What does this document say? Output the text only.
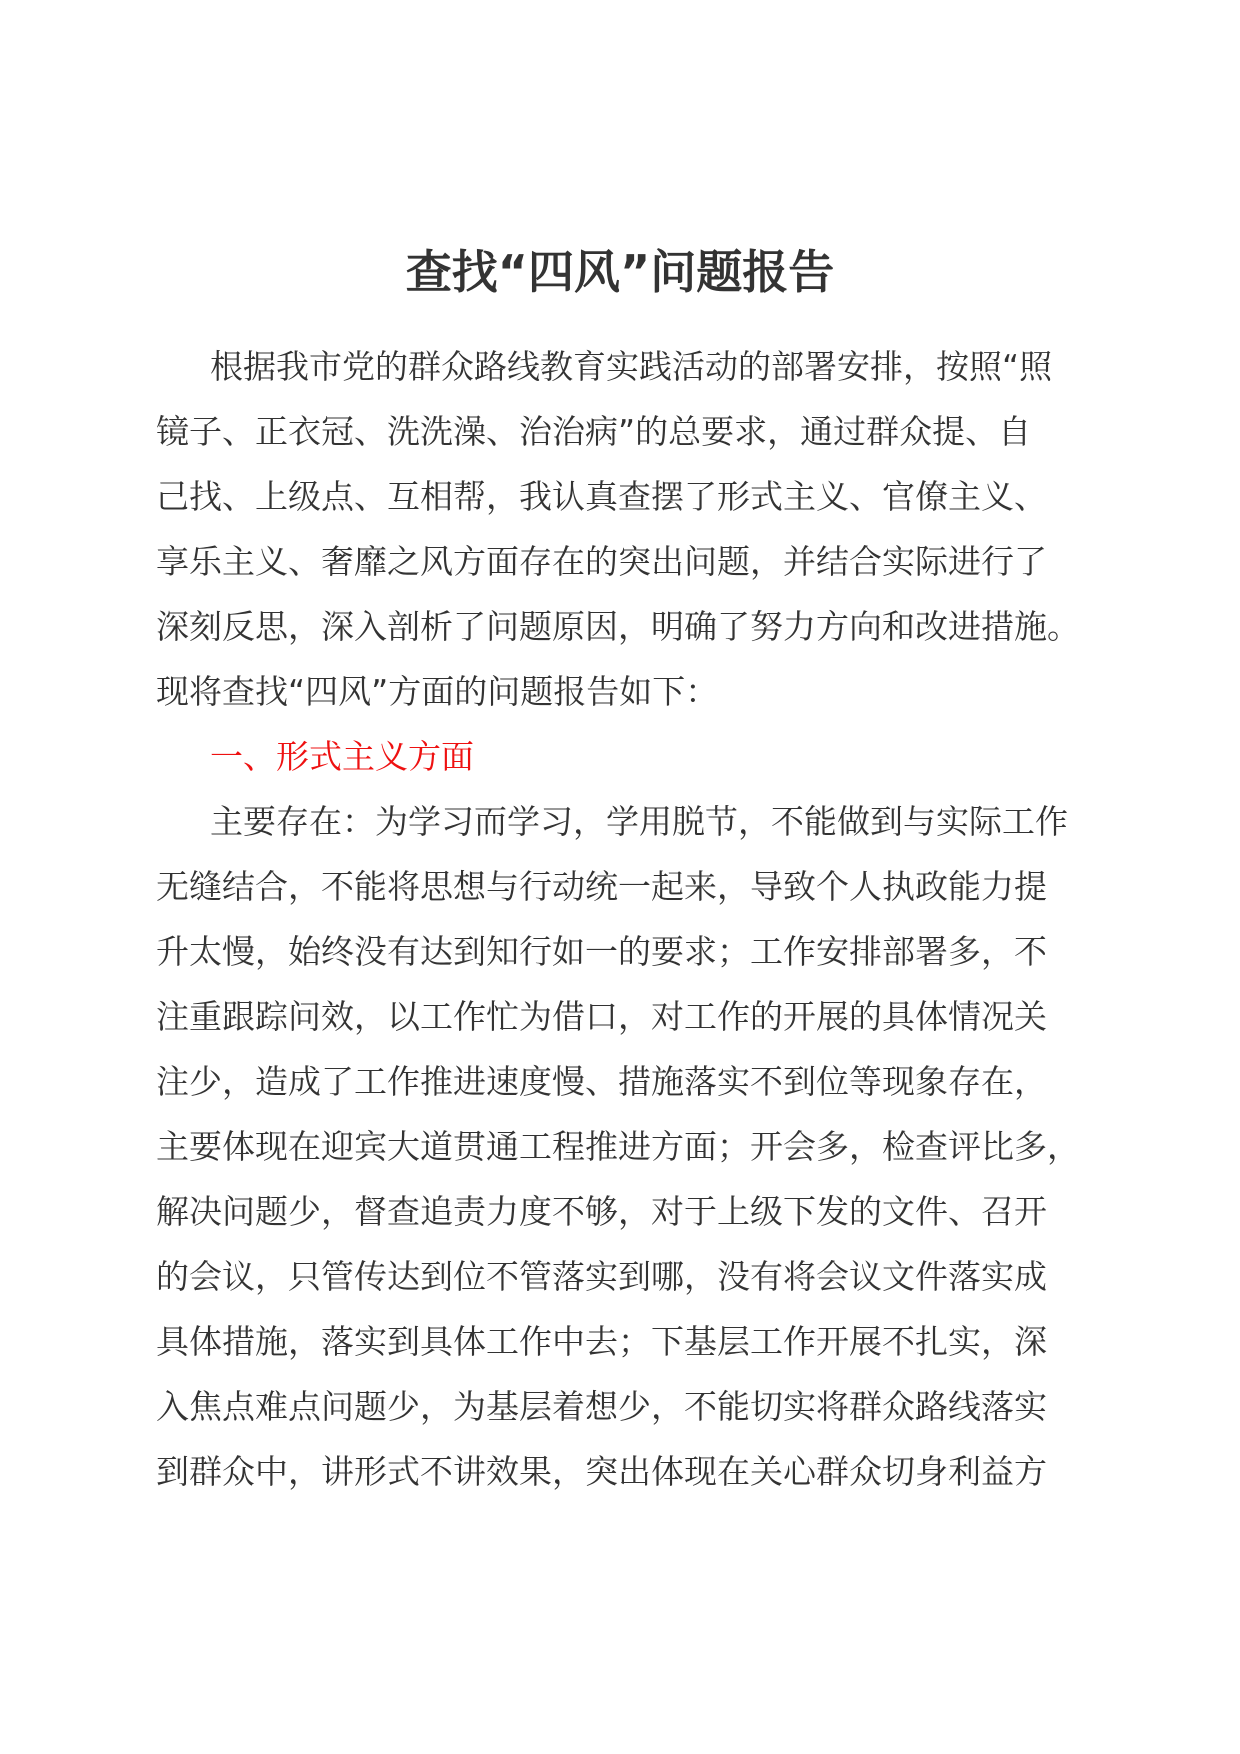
查找“四风”问题报告
根据我市党的群众路线教育实践活动的部署安排，按照“照
镜子、正衣冠、洗洗澡、治治病”的总要求，通过群众提、自
己找、上级点、互相帮，我认真查摆了形式主义、官僚主义、
享乐主义、奢靡之风方面存在的突出问题，并结合实际进行了
深刻反思，深入剖析了问题原因，明确了努力方向和改进措施。
现将查找“四风”方面的问题报告如下：
一、形式主义方面
主要存在：为学习而学习，学用脱节，不能做到与实际工作
无缝结合，不能将思想与行动统一起来，导致个人执政能力提
升太慢，始终没有达到知行如一的要求；工作安排部署多，不
注重跟踪问效，以工作忙为借口，对工作的开展的具体情况关
注少，造成了工作推进速度慢、措施落实不到位等现象存在，
主要体现在迎宾大道贯通工程推进方面；开会多，检查评比多，
解决问题少，督查追责力度不够，对于上级下发的文件、召开
的会议，只管传达到位不管落实到哪，没有将会议文件落实成
具体措施，落实到具体工作中去；下基层工作开展不扎实，深
入焦点难点问题少，为基层着想少，不能切实将群众路线落实
到群众中，讲形式不讲效果，突出体现在关心群众切身利益方
